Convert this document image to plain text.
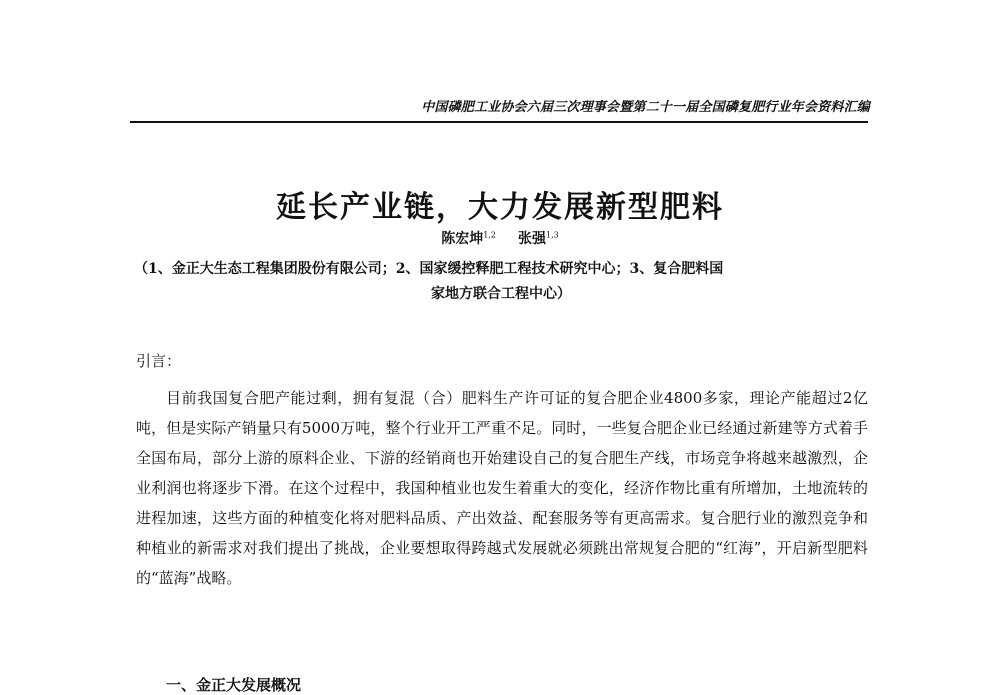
中国磷肥工业协会六届三次理事会暨第二十一届全国磷复肥行业年会资料汇编
延长产业链，大力发展新型肥料
陈宏坤$^{1,2}$ 张强$^{1,3}$
（1、金正大生态工程集团股份有限公司；2、国家缓控释肥工程技术研究中心；3、复合肥料国
家地方联合工程中心）
引言：

目前我国复合肥产能过剩，拥有复混（合）肥料生产许可证的复合肥企业4800多家，理论产能超过2亿吨，但是实际产销量只有5000万吨，整个行业开工严重不足。同时，一些复合肥企业已经通过新建等方式着手全国布局，部分上游的原料企业、下游的经销商也开始建设自己的复合肥生产线，市场竞争将越来越激烈，企业利润也将逐步下滑。在这个过程中，我国种植业也发生着重大的变化，经济作物比重有所增加，土地流转的进程加速，这些方面的种植变化将对肥料品质、产出效益、配套服务等有更高需求。复合肥行业的激烈竞争和种植业的新需求对我们提出了挑战，企业要想取得跨越式发展就必须跳出常规复合肥的“红海”，开启新型肥料的“蓝海”战略。

一、金正大发展概况
